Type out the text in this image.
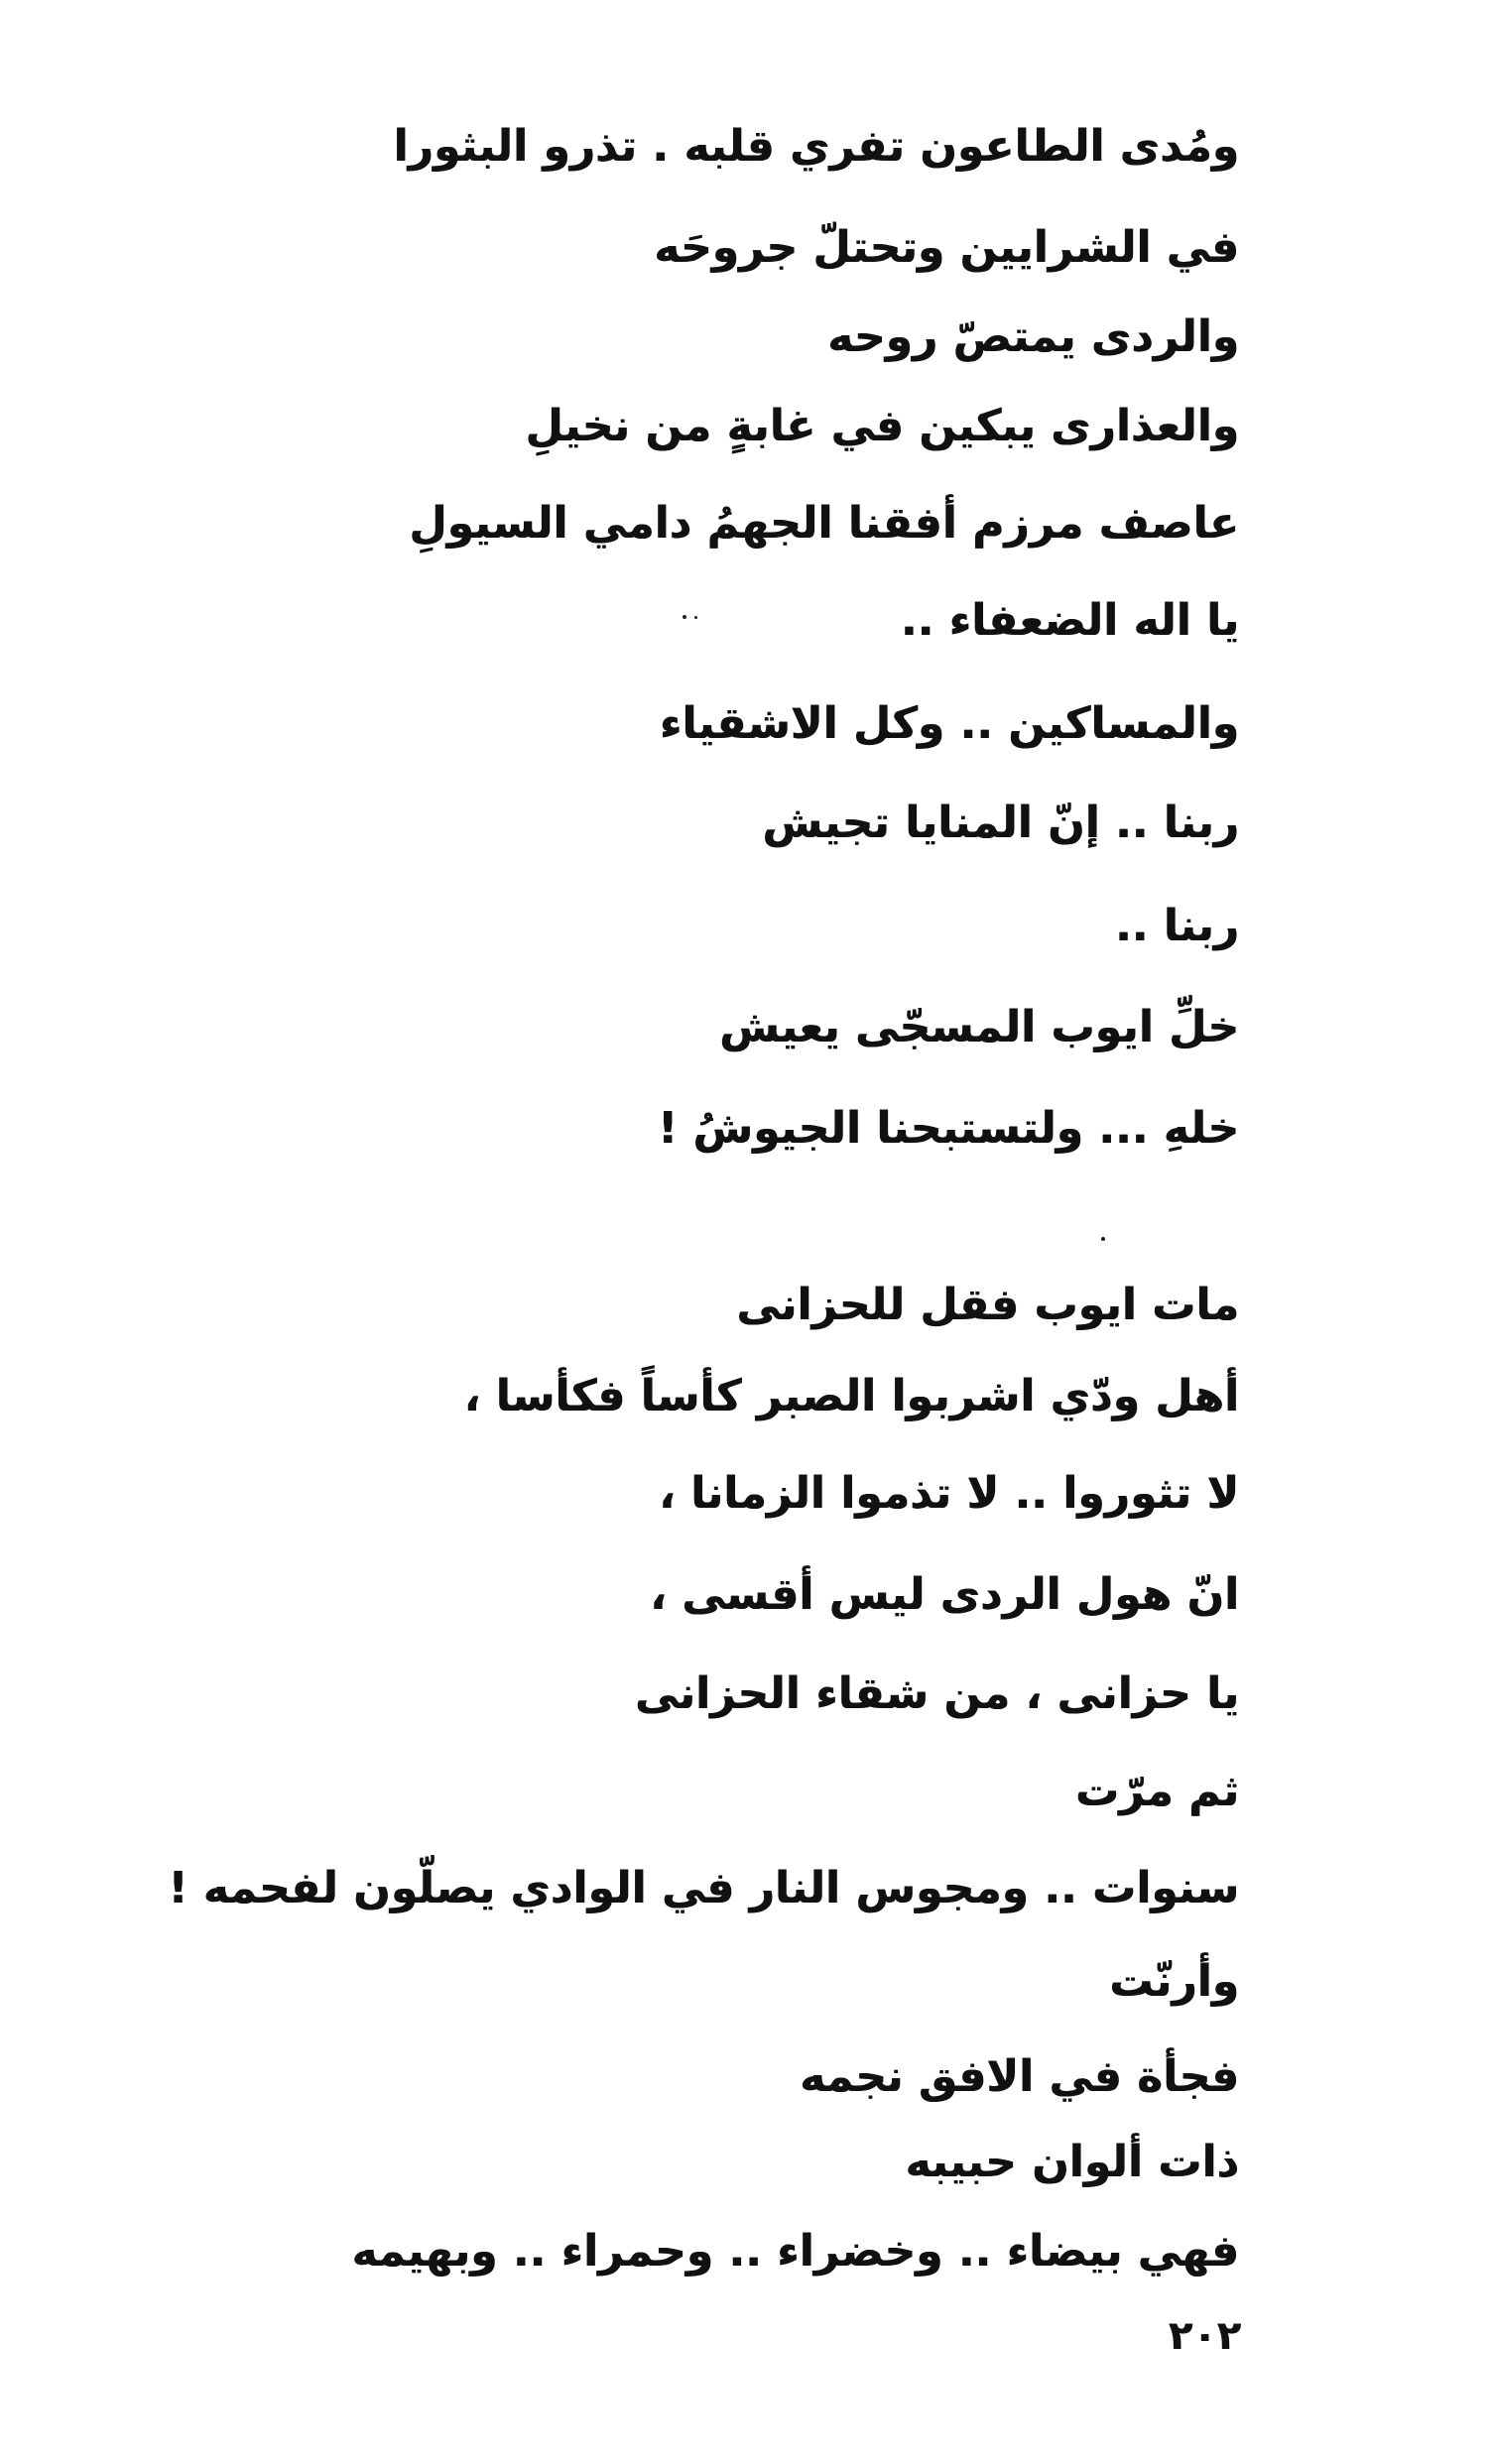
ومُدى الطاعون تفري قلبه . تذرو البثورا
في الشرايين وتحتلّ جروحَه
والردى يمتصّ روحه
والعذارى يبكين في غابةٍ من نخيلِ
عاصف مرزم أفقنا الجهمُ دامي السيولِ
يا اله الضعفاء ..
والمساكين .. وكل الاشقياء
ربنا .. إنّ المنايا تجيش
ربنا ..
خلِّ ايوب المسجّى يعيش
خلهِ ... ولتستبحنا الجيوشُ !
مات ايوب فقل للحزانى
أهل ودّي اشربوا الصبر كأساً فكأسا ،
لا تثوروا .. لا تذموا الزمانا ،
انّ هول الردى ليس أقسى ،
يا حزانى ، من شقاء الحزانى
ثم مرّت
سنوات .. ومجوس النار في الوادي يصلّون لفحمه !
وأرنّت
فجأة في الافق نجمه
ذات ألوان حبيبه
فهي بيضاء .. وخضراء .. وحمراء .. وبهيمه
٢٠٢
